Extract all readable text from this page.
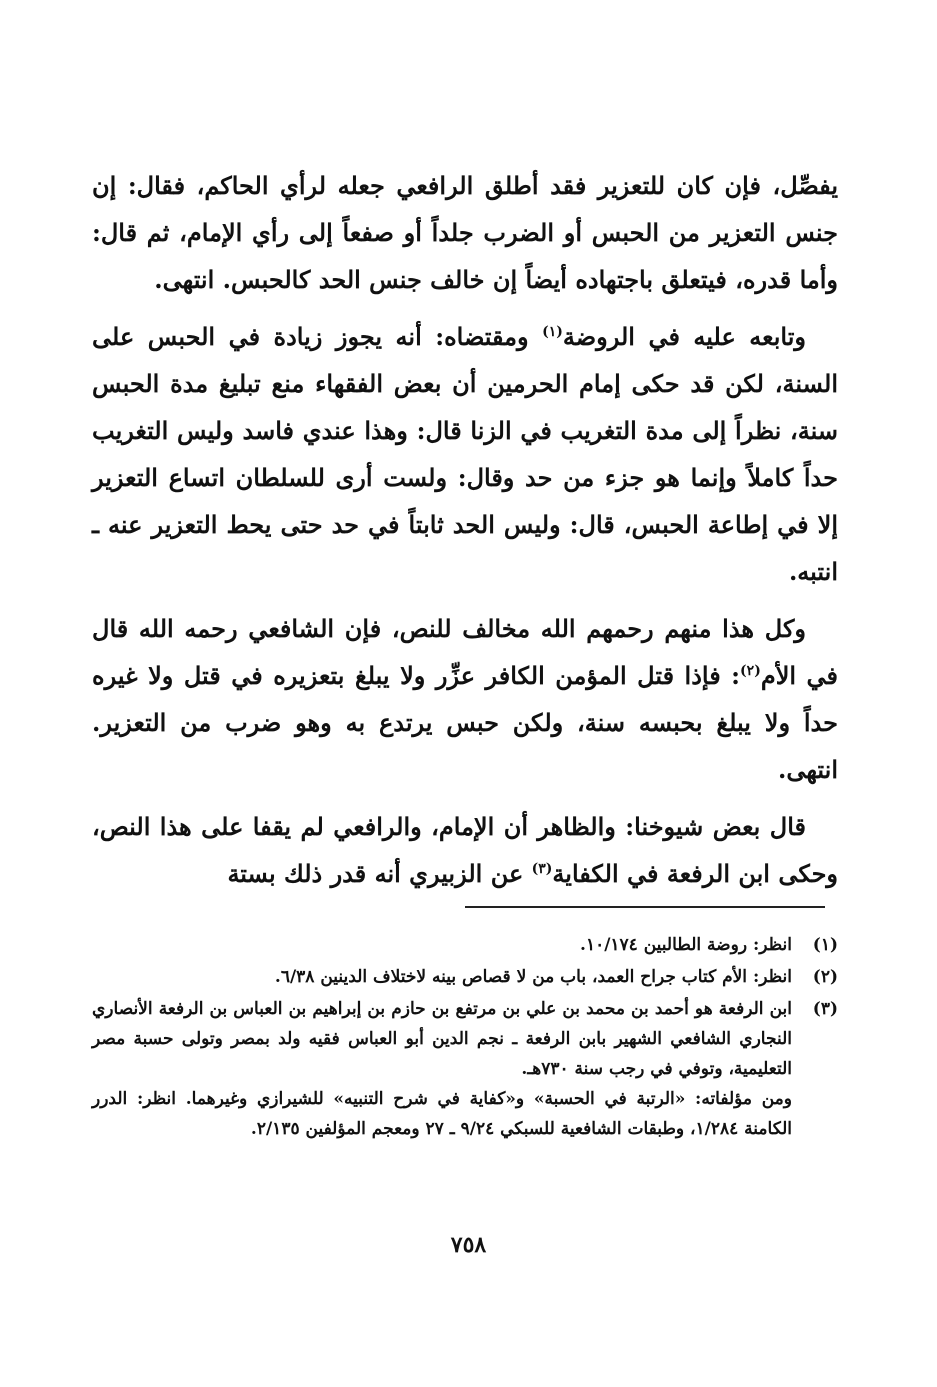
يفصِّل، فإن كان للتعزير فقد أطلق الرافعي جعله لرأي الحاكم، فقال: إن جنس التعزير من الحبس أو الضرب جلداً أو صفعاً إلى رأي الإمام، ثم قال: وأما قدره، فيتعلق باجتهاده أيضاً إن خالف جنس الحد كالحبس. انتهى.

وتابعه عليه في الروضة$^{(١)}$ ومقتضاه: أنه يجوز زيادة في الحبس على السنة، لكن قد حكى إمام الحرمين أن بعض الفقهاء منع تبليغ مدة الحبس سنة، نظراً إلى مدة التغريب في الزنا قال: وهذا عندي فاسد وليس التغريب حداً كاملاً وإنما هو جزء من حد وقال: ولست أرى للسلطان اتساع التعزير إلا في إطاعة الحبس، قال: وليس الحد ثابتاً في حد حتى يحط التعزير عنه ـ انتبه.

وكل هذا منهم رحمهم الله مخالف للنص، فإن الشافعي رحمه الله قال في الأم$^{(٢)}$: فإذا قتل المؤمن الكافر عزِّر ولا يبلغ بتعزيره في قتل ولا غيره حداً ولا يبلغ بحبسه سنة، ولكن حبس يرتدع به وهو ضرب من التعزير. انتهى.

قال بعض شيوخنا: والظاهر أن الإمام، والرافعي لم يقفا على هذا النص، وحكى ابن الرفعة في الكفاية$^{(٣)}$ عن الزبيري أنه قدر ذلك بستة

(١)

انظر: روضة الطالبين ١٠/١٧٤.

(٢)

انظر: الأم كتاب جراح العمد، باب من لا قصاص بينه لاختلاف الدينين ٦/٣٨.

(٣)

ابن الرفعة هو أحمد بن محمد بن علي بن مرتفع بن حازم بن إبراهيم بن العباس بن الرفعة الأنصاري النجاري الشافعي الشهير بابن الرفعة ـ نجم الدين أبو العباس فقيه ولد بمصر وتولى حسبة مصر التعليمية، وتوفي في رجب سنة ٧٣٠هـ.

ومن مؤلفاته: «الرتبة في الحسبة» و«كفاية في شرح التنبيه» للشيرازي وغيرهما. انظر: الدرر الكامنة ١/٢٨٤، وطبقات الشافعية للسبكي ٩/٢٤ ـ ٢٧ ومعجم المؤلفين ٢/١٣٥.

٧٥٨
